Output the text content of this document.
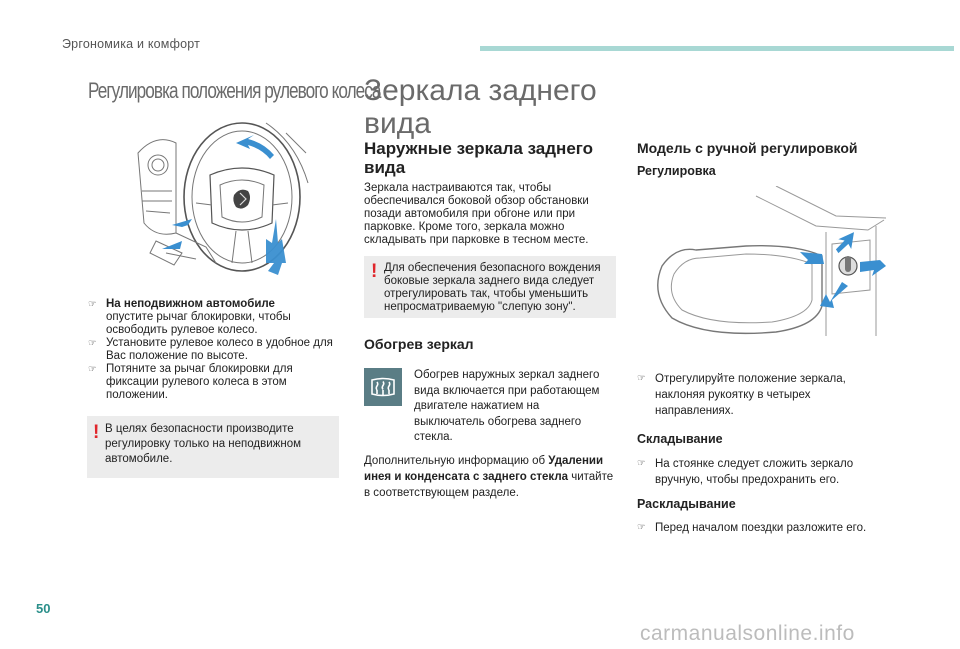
Эргономика и комфорт
Регулировка положения рулевого колеса
☞ На неподвижном автомобиле
опустите рычаг блокировки, чтобы освободить рулевое колесо.
☞ Установите рулевое колесо в удобное для Вас положение по высоте.
☞ Потяните за рычаг блокировки для фиксации рулевого колеса в этом положении.
! В целях безопасности производите регулировку только на неподвижном автомобиле.
Зеркала заднего вида
Наружные зеркала заднего вида
Зеркала настраиваются так, чтобы обеспечивался боковой обзор обстановки позади автомобиля при обгоне или при парковке. Кроме того, зеркала можно складывать при парковке в тесном месте.
! Для обеспечения безопасного вождения боковые зеркала заднего вида следует отрегулировать так, чтобы уменьшить непросматриваемую "слепую зону".
Обогрев зеркал
Обогрев наружных зеркал заднего вида включается при работающем двигателе нажатием на выключатель обогрева заднего стекла.
Дополнительную информацию об Удалении инея и конденсата с заднего стекла читайте в соответствующем разделе.
Модель с ручной регулировкой
Регулировка
☞ Отрегулируйте положение зеркала, наклоняя рукоятку в четырех направлениях.
Складывание
☞ На стоянке следует сложить зеркало вручную, чтобы предохранить его.
Раскладывание
☞ Перед началом поездки разложите его.
50
carmanualsonline.info
